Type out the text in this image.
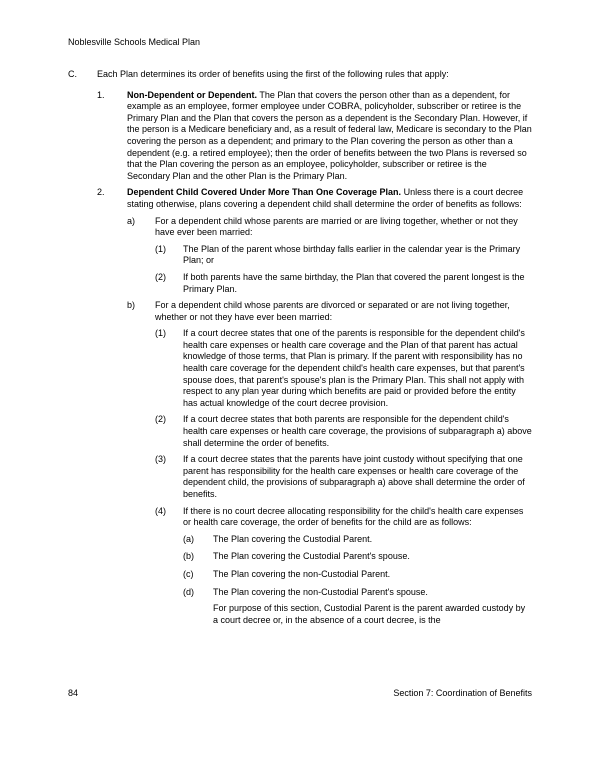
Noblesville Schools Medical Plan
C.	Each Plan determines its order of benefits using the first of the following rules that apply:

1.	Non-Dependent or Dependent. The Plan that covers the person other than as a dependent, for example as an employee, former employee under COBRA, policyholder, subscriber or retiree is the Primary Plan and the Plan that covers the person as a dependent is the Secondary Plan. However, if the person is a Medicare beneficiary and, as a result of federal law, Medicare is secondary to the Plan covering the person as a dependent; and primary to the Plan covering the person as other than a dependent (e.g. a retired employee); then the order of benefits between the two Plans is reversed so that the Plan covering the person as an employee, policyholder, subscriber or retiree is the Secondary Plan and the other Plan is the Primary Plan.

2.	Dependent Child Covered Under More Than One Coverage Plan. Unless there is a court decree stating otherwise, plans covering a dependent child shall determine the order of benefits as follows:

a)	For a dependent child whose parents are married or are living together, whether or not they have ever been married:

(1)	The Plan of the parent whose birthday falls earlier in the calendar year is the Primary Plan; or

(2)	If both parents have the same birthday, the Plan that covered the parent longest is the Primary Plan.

b)	For a dependent child whose parents are divorced or separated or are not living together, whether or not they have ever been married:

(1)	If a court decree states that one of the parents is responsible for the dependent child's health care expenses or health care coverage and the Plan of that parent has actual knowledge of those terms, that Plan is primary. If the parent with responsibility has no health care coverage for the dependent child's health care expenses, but that parent's spouse does, that parent's spouse's plan is the Primary Plan. This shall not apply with respect to any plan year during which benefits are paid or provided before the entity has actual knowledge of the court decree provision.

(2)	If a court decree states that both parents are responsible for the dependent child's health care expenses or health care coverage, the provisions of subparagraph a) above shall determine the order of benefits.

(3)	If a court decree states that the parents have joint custody without specifying that one parent has responsibility for the health care expenses or health care coverage of the dependent child, the provisions of subparagraph a) above shall determine the order of benefits.

(4)	If there is no court decree allocating responsibility for the child's health care expenses or health care coverage, the order of benefits for the child are as follows:

(a)	The Plan covering the Custodial Parent.

(b)	The Plan covering the Custodial Parent's spouse.

(c)	The Plan covering the non-Custodial Parent.

(d)	The Plan covering the non-Custodial Parent's spouse.

For purpose of this section, Custodial Parent is the parent awarded custody by a court decree or, in the absence of a court decree, is the

84	Section 7: Coordination of Benefits
